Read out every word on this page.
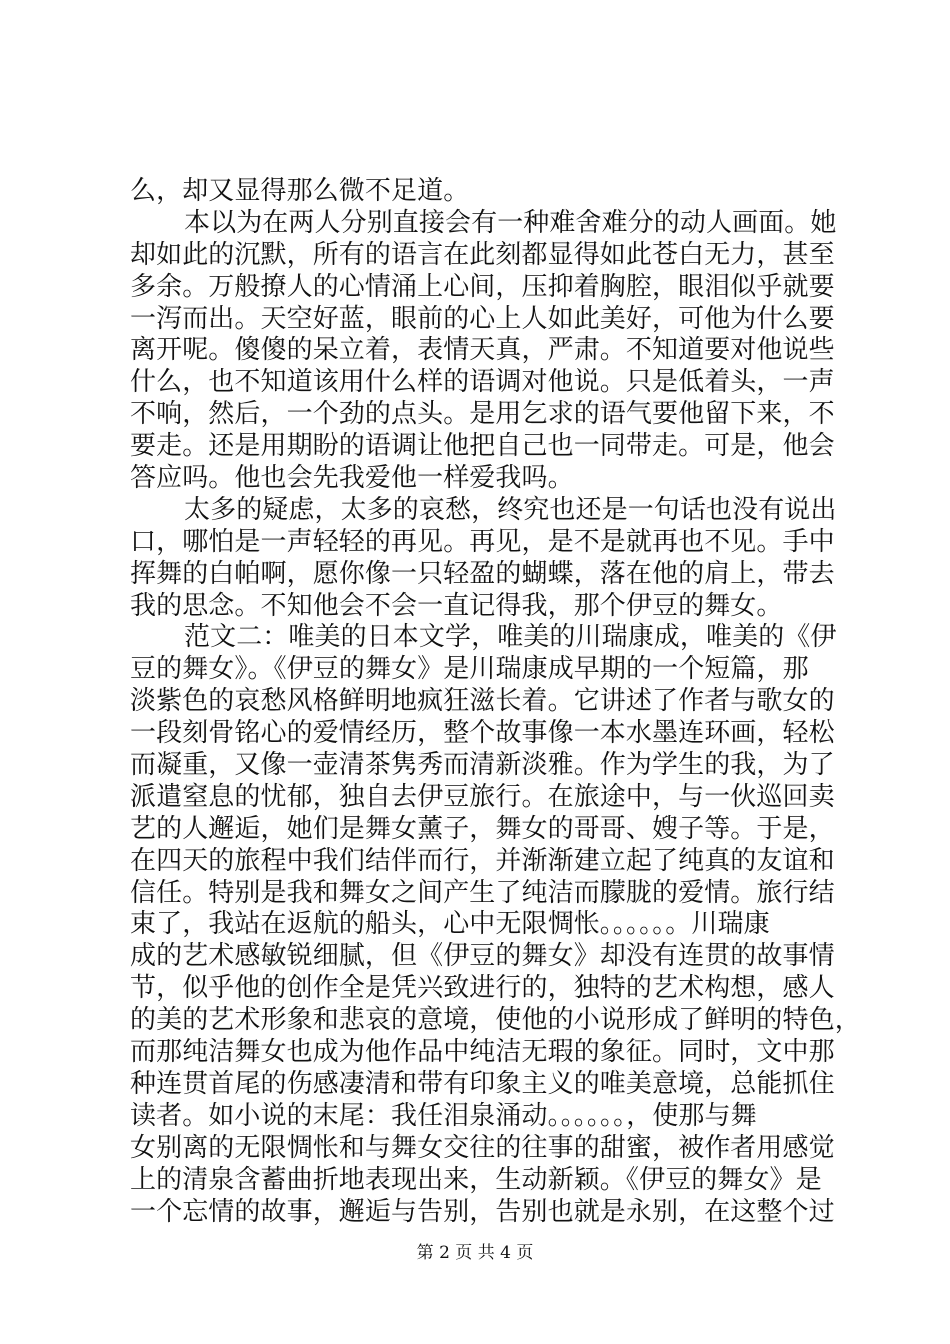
么，却又显得那么微不足道。
本以为在两人分别直接会有一种难舍难分的动人画面。她
却如此的沉默，所有的语言在此刻都显得如此苍白无力，甚至
多余。万般撩人的心情涌上心间，压抑着胸腔，眼泪似乎就要
一泻而出。天空好蓝，眼前的心上人如此美好，可他为什么要
离开呢。傻傻的呆立着，表情天真，严肃。不知道要对他说些
什么，也不知道该用什么样的语调对他说。只是低着头，一声
不响，然后，一个劲的点头。是用乞求的语气要他留下来，不
要走。还是用期盼的语调让他把自己也一同带走。可是，他会
答应吗。他也会先我爱他一样爱我吗。
太多的疑虑，太多的哀愁，终究也还是一句话也没有说出
口，哪怕是一声轻轻的再见。再见，是不是就再也不见。手中
挥舞的白帕啊，愿你像一只轻盈的蝴蝶，落在他的肩上，带去
我的思念。不知他会不会一直记得我，那个伊豆的舞女。
范文二：唯美的日本文学，唯美的川瑞康成，唯美的《伊
豆的舞女》。《伊豆的舞女》是川瑞康成早期的一个短篇，那
淡紫色的哀愁风格鲜明地疯狂滋长着。它讲述了作者与歌女的
一段刻骨铭心的爱情经历，整个故事像一本水墨连环画，轻松
而凝重，又像一壶清茶隽秀而清新淡雅。作为学生的我，为了
派遣窒息的忧郁，独自去伊豆旅行。在旅途中，与一伙巡回卖
艺的人邂逅，她们是舞女薰子，舞女的哥哥、嫂子等。于是，
在四天的旅程中我们结伴而行，并渐渐建立起了纯真的友谊和
信任。特别是我和舞女之间产生了纯洁而朦胧的爱情。旅行结
束了，我站在返航的船头，心中无限惆怅。。。。。。川瑞康
成的艺术感敏锐细腻，但《伊豆的舞女》却没有连贯的故事情
节，似乎他的创作全是凭兴致进行的，独特的艺术构想，感人
的美的艺术形象和悲哀的意境，使他的小说形成了鲜明的特色，
而那纯洁舞女也成为他作品中纯洁无瑕的象征。同时，文中那
种连贯首尾的伤感凄清和带有印象主义的唯美意境，总能抓住
读者。如小说的末尾：我任泪泉涌动。。。。。。，使那与舞
女别离的无限惆怅和与舞女交往的往事的甜蜜，被作者用感觉
上的清泉含蓄曲折地表现出来，生动新颖。《伊豆的舞女》是
一个忘情的故事，邂逅与告别，告别也就是永别，在这整个过
第 2 页 共 4 页
